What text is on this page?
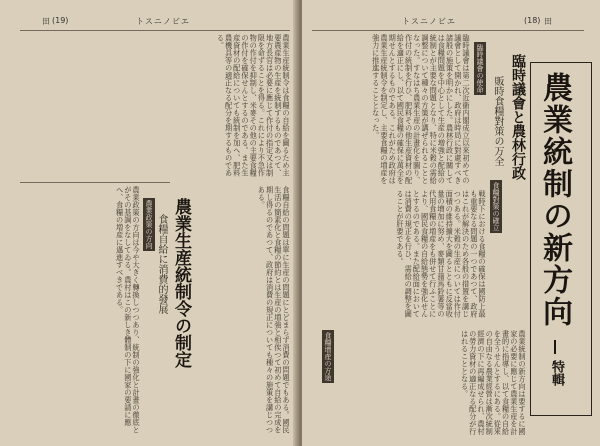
田 (19)	トスニノビエ
農業生産統制令は食糧の自給を圖るため主要農産物の生産を統制するものであつて、地方長官は必要に應じて作付の指定又は制限を命ずることを得る。これにより不急作物の作付を抑制し、米麥その他の主要食糧の作付を確保せんとするのである。また生産資材の配給についても統制を加へ、肥料農機具等の適正なる配分を期するものである。
農業生産統制令の制定
食糧自給に消費的發展
農業政策の方向	食糧自給の問題は單に生産の問題にとどまらず消費の問題でもある。國民生活の簡素化と食糧の節約とは生産の増強と相俟つて初めて自給の完成を期し得るのであつて、政府は消費の規正についても種々の施策を講じつつある。
農業政策の方向は今や大きく轉換しつつあり、統制の強化と計畫の徹底とがその基調をなしてゐる。農村はこの新しき體制の下に國家の要請に應へ、食糧の増産に邁進すべきである。
トスニノビエ	(18) 田
農業統制の新方向
特輯
臨時議會と農林行政
販時食糧對策の万全
臨時議會の使命
食糧對策の確立
食糧增産の方途
臨時議會は第二次近衞内閣成立以來初めての議會として開かれ、政府は時局に對處すべき諸般の施策を明かにした。農林行政に關しては食糧問題を中心として生産の増強と配給の統制とが主要な問題となり、特に米穀の需給調整について種々の方策が講ぜられることとなった。すなはち農業生産の計畫化を圖り、作付の統制を行ひ、肥料その他生産資材の配給を適正にし、以て國民食糧の確保に萬全を期せんとするものである。これがため政府は農業生産統制令を制定し、主要食糧の増産を強力に推進することとなった。
戦時下における食糧の確保は國防上最も重要なる問題の一つであつて、政府はこれが解決のため各般の措置を講じつつある。米穀の生産については作付面積の維持擴大を圖るとともに反當收量の増加に努め、麥類甘藷馬鈴薯等の代用食糧の増産をも併せて行ふことにより、國民食糧の自給態勢を強化せんとするのである。また配給面においては消費の規正を行ひ、需給の調整を圖ることが肝要である。
農業統制の新方向は要するに國家の必要に應じて農業生産を計畫的に指導し、以て食糧の自給を全うせんとするにある。從來の自由なる農業經營は漸次統制經濟の下に再編成せられ、農村の勞力資材の適正なる配分が行はれることとなる。
